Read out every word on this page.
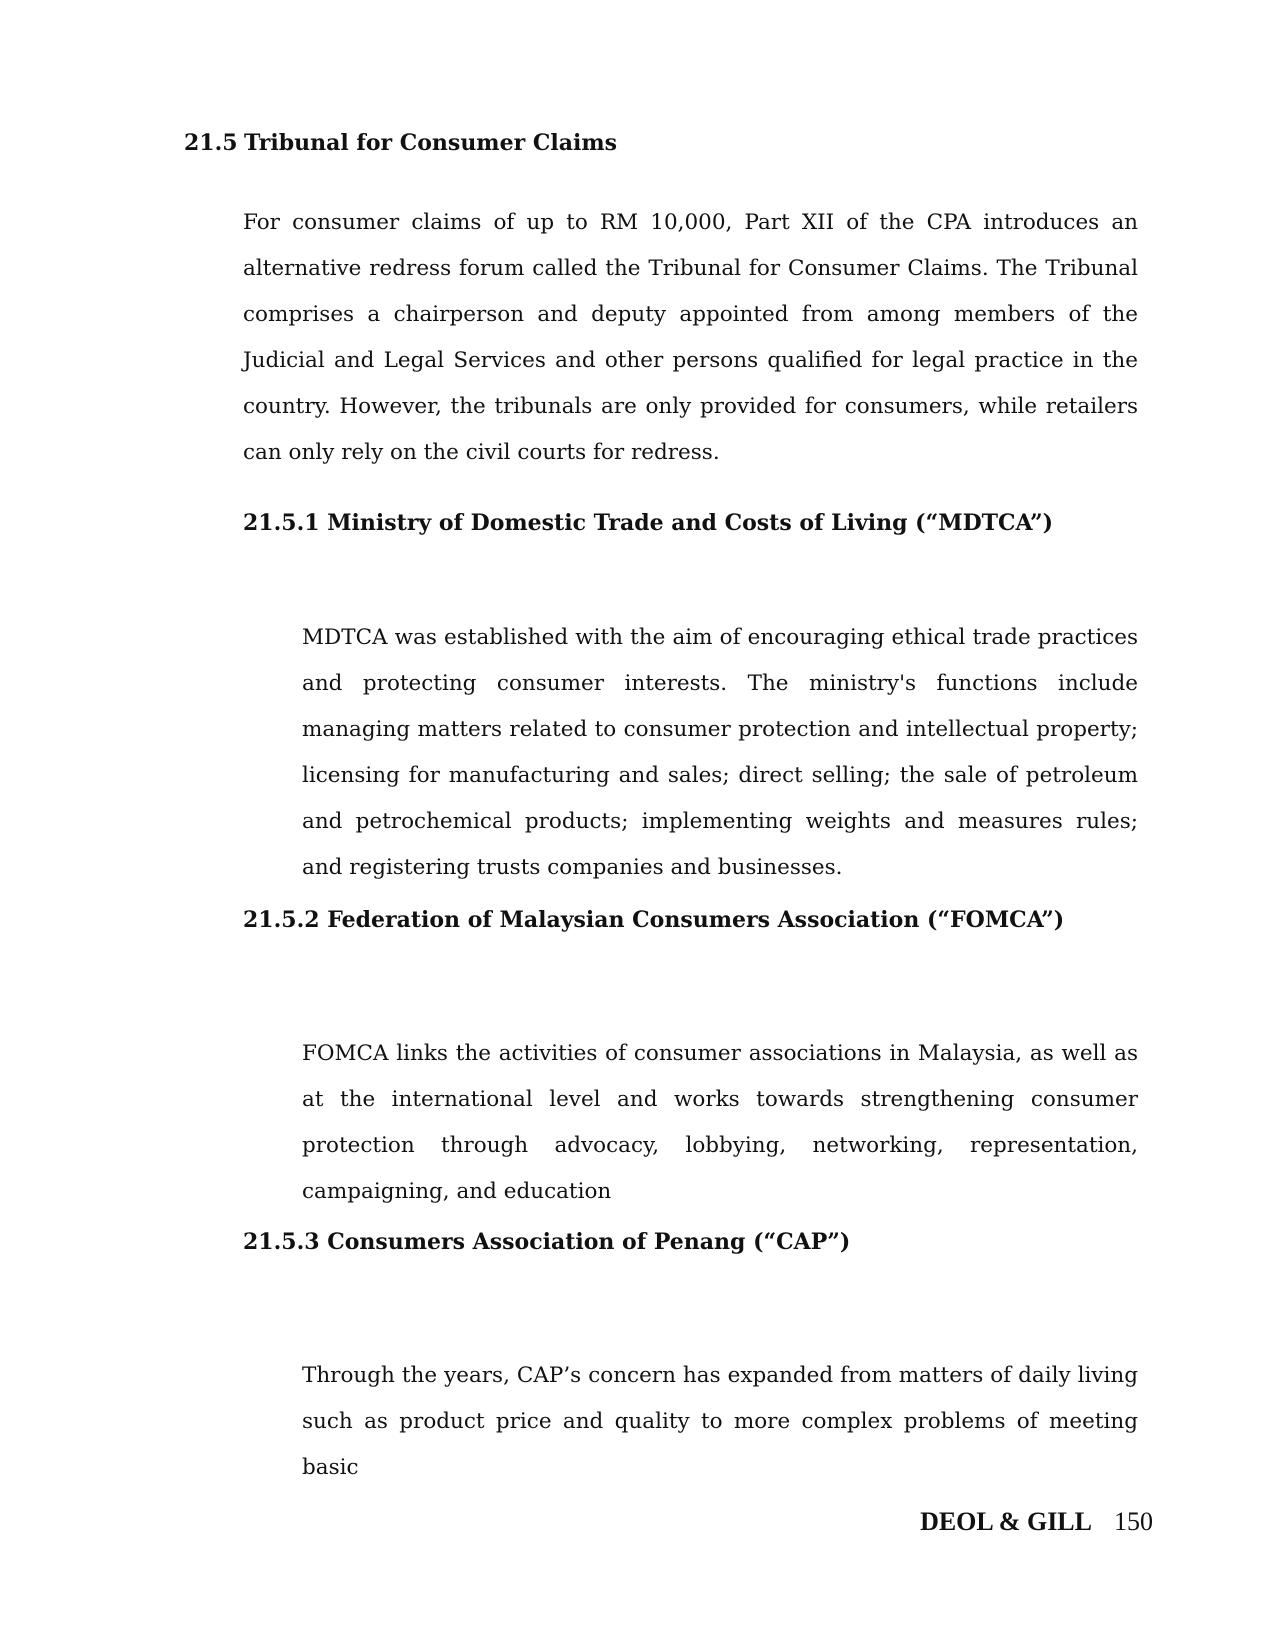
21.5 Tribunal for Consumer Claims

For consumer claims of up to RM 10,000, Part XII of the CPA introduces an alternative redress forum called the Tribunal for Consumer Claims. The Tribunal comprises a chairperson and deputy appointed from among members of the Judicial and Legal Services and other persons qualified for legal practice in the country. However, the tribunals are only provided for consumers, while retailers can only rely on the civil courts for redress.

21.5.1 Ministry of Domestic Trade and Costs of Living (“MDTCA”)

MDTCA was established with the aim of encouraging ethical trade practices and protecting consumer interests. The ministry's functions include managing matters related to consumer protection and intellectual property; licensing for manufacturing and sales; direct selling; the sale of petroleum and petrochemical products; implementing weights and measures rules; and registering trusts companies and businesses.

21.5.2 Federation of Malaysian Consumers Association (“FOMCA”)

FOMCA links the activities of consumer associations in Malaysia, as well as at the international level and works towards strengthening consumer protection through advocacy, lobbying, networking, representation, campaigning, and education

21.5.3 Consumers Association of Penang (“CAP”)

Through the years, CAP’s concern has expanded from matters of daily living such as product price and quality to more complex problems of meeting basic

DEOL & GILL 150
